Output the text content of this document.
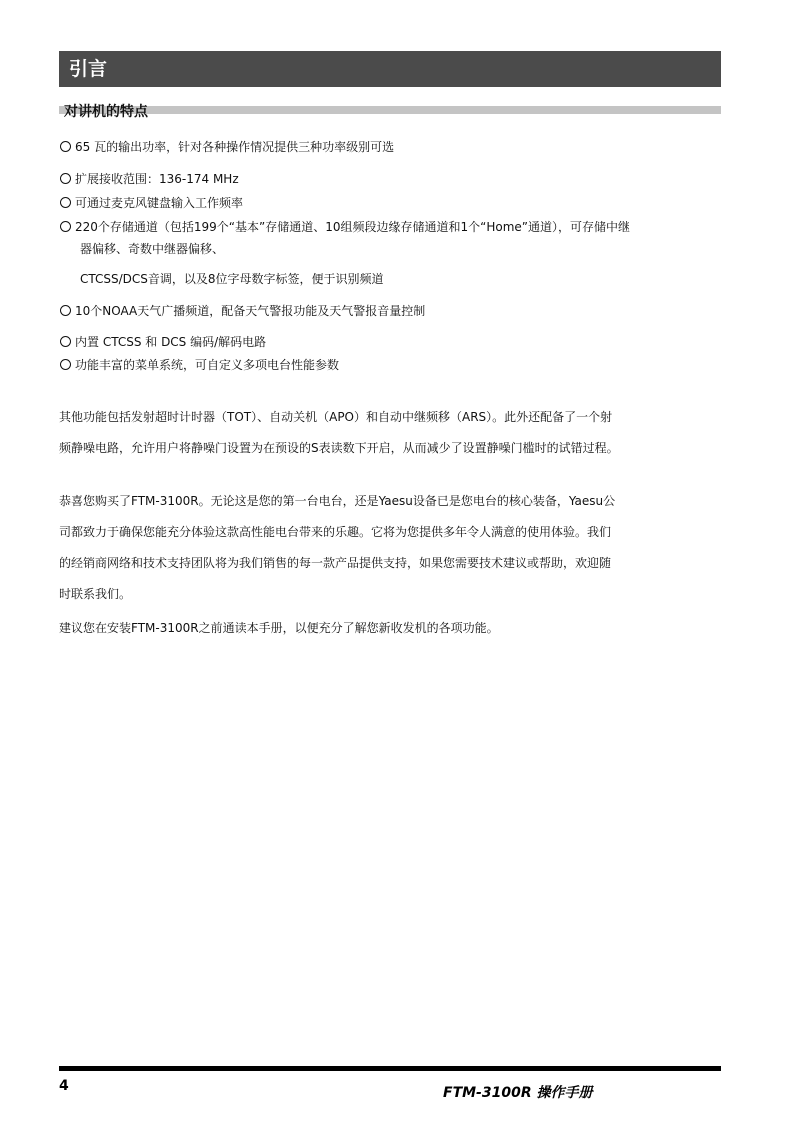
引言
对讲机的特点
65 瓦的输出功率，针对各种操作情况提供三种功率级别可选
扩展接收范围：136-174 MHz
可通过麦克风键盘输入工作频率
220个存储通道（包括199个“基本”存储通道、10组频段边缘存储通道和1个“Home”通道），可存储中继
器偏移、奇数中继器偏移、
CTCSS/DCS音调，以及8位字母数字标签，便于识别频道
10个NOAA天气广播频道，配备天气警报功能及天气警报音量控制
内置 CTCSS 和 DCS 编码/解码电路
功能丰富的菜单系统，可自定义多项电台性能参数
其他功能包括发射超时计时器（TOT）、自动关机（APO）和自动中继频移（ARS）。此外还配备了一个射
频静噪电路，允许用户将静噪门设置为在预设的S表读数下开启，从而减少了设置静噪门槛时的试错过程。
恭喜您购买了FTM-3100R。无论这是您的第一台电台，还是Yaesu设备已是您电台的核心装备，Yaesu公
司都致力于确保您能充分体验这款高性能电台带来的乐趣。它将为您提供多年令人满意的使用体验。我们
的经销商网络和技术支持团队将为我们销售的每一款产品提供支持，如果您需要技术建议或帮助，欢迎随
时联系我们。
建议您在安装FTM-3100R之前通读本手册，以便充分了解您新收发机的各项功能。
4	FTM-3100R 操作手册
